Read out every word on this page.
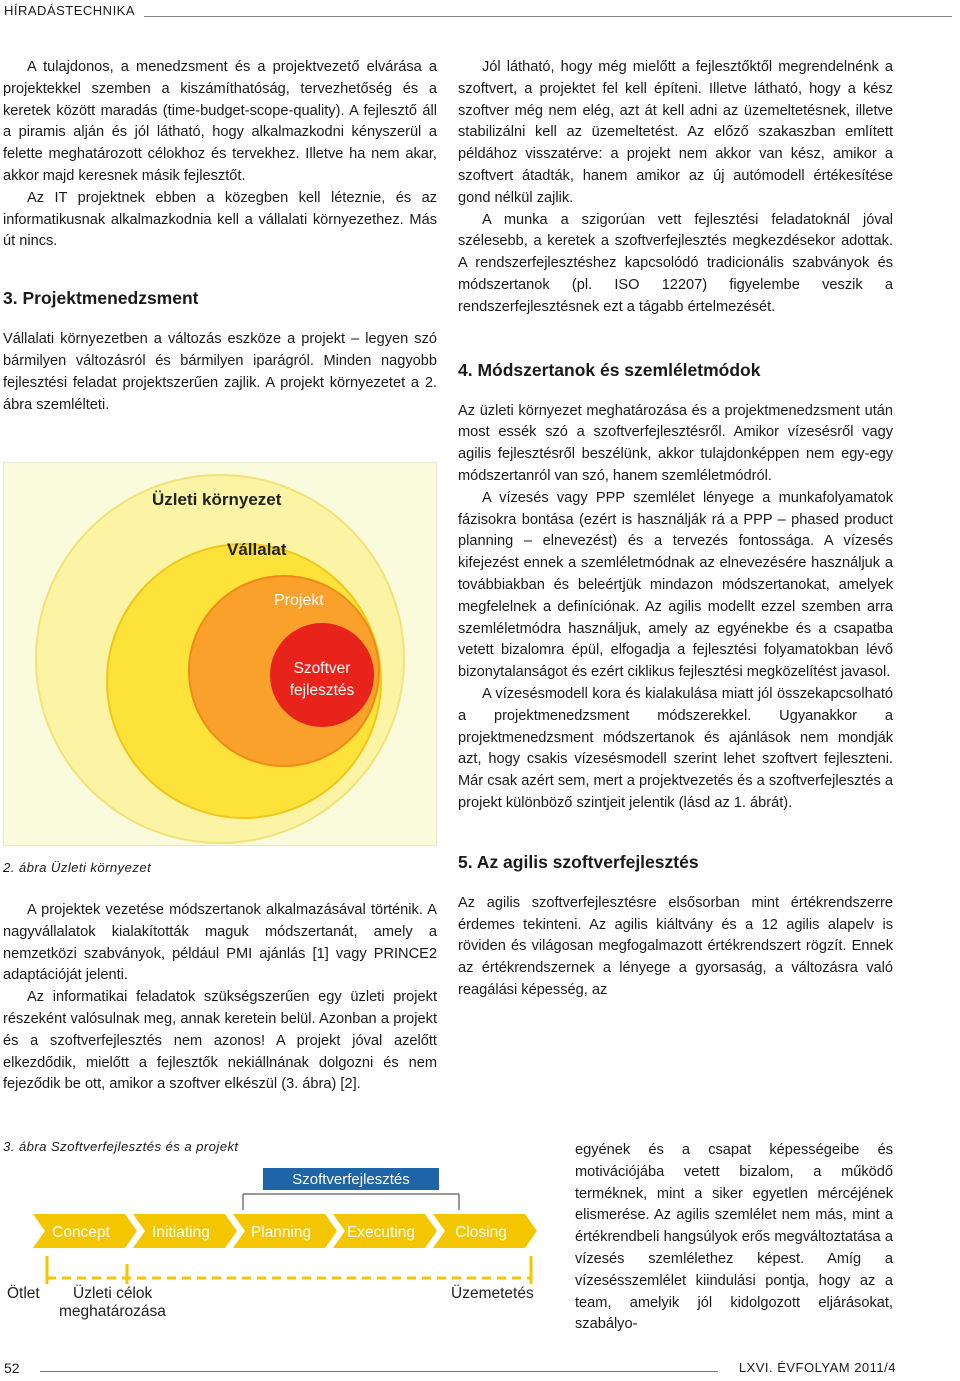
HÍRADÁSTECHNIKA

A tulajdonos, a menedzsment és a projektvezető elvárása a projektekkel szemben a kiszámíthatóság, tervezhetőség és a keretek között maradás (time-budget-scope-quality). A fejlesztő áll a piramis alján és jól látható, hogy alkalmazkodni kényszerül a felette meghatározott célokhoz és tervekhez. Illetve ha nem akar, akkor majd keresnek másik fejlesztőt.

Az IT projektnek ebben a közegben kell léteznie, és az informatikusnak alkalmazkodnia kell a vállalati környezethez. Más út nincs.

3. Projektmenedzsment

Vállalati környezetben a változás eszköze a projekt – legyen szó bármilyen változásról és bármilyen iparágról. Minden nagyobb fejlesztési feladat projektszerűen zajlik. A projekt környezetet a 2. ábra szemlélteti.

Üzleti környezet
Vállalat
Projekt
Szoftver
fejlesztés

2. ábra Üzleti környezet

A projektek vezetése módszertanok alkalmazásával történik. A nagyvállalatok kialakították maguk módszertanát, amely a nemzetközi szabványok, például PMI ajánlás [1] vagy PRINCE2 adaptációját jelenti.

Az informatikai feladatok szükségszerűen egy üzleti projekt részeként valósulnak meg, annak keretein belül. Azonban a projekt és a szoftverfejlesztés nem azonos! A projekt jóval azelőtt elkezdődik, mielőtt a fejlesztők nekiállnának dolgozni és nem fejeződik be ott, amikor a szoftver elkészül (3. ábra) [2].

3. ábra Szoftverfejlesztés és a projekt

Szoftverfejlesztés
Concept	Initiating	Planning Executing	Closing
Ötlet Üzleti célok
meghatározása
Üzemetetés

Jól látható, hogy még mielőtt a fejlesztőktől megrendelnénk a szoftvert, a projektet fel kell építeni. Illetve látható, hogy a kész szoftver még nem elég, azt át kell adni az üzemeltetésnek, illetve stabilizálni kell az üzemeltetést. Az előző szakaszban említett példához visszatérve: a projekt nem akkor van kész, amikor a szoftvert átadták, hanem amikor az új autómodell értékesítése gond nélkül zajlik.

A munka a szigorúan vett fejlesztési feladatoknál jóval szélesebb, a keretek a szoftverfejlesztés megkezdésekor adottak. A rendszerfejlesztéshez kapcsolódó tradicionális szabványok és módszertanok (pl. ISO 12207) figyelembe veszik a rendszerfejlesztésnek ezt a tágabb értelmezését.

4. Módszertanok és szemléletmódok

Az üzleti környezet meghatározása és a projektmenedzsment után most essék szó a szoftverfejlesztésről. Amikor vízesésről vagy agilis fejlesztésről beszélünk, akkor tulajdonképpen nem egy-egy módszertanról van szó, hanem szemléletmódról.

A vízesés vagy PPP szemlélet lényege a munkafolyamatok fázisokra bontása (ezért is használják rá a PPP – phased product planning – elnevezést) és a tervezés fontossága. A vízesés kifejezést ennek a szemléletmódnak az elnevezésére használjuk a továbbiakban és beleértjük mindazon módszertanokat, amelyek megfelelnek a definíciónak. Az agilis modellt ezzel szemben arra szemléletmódra használjuk, amely az egyénekbe és a csapatba vetett bizalomra épül, elfogadja a fejlesztési folyamatokban lévő bizonytalanságot és ezért ciklikus fejlesztési megközelítést javasol.

A vízesésmodell kora és kialakulása miatt jól összekapcsolható a projektmenedzsment módszerekkel. Ugyanakkor a projektmenedzsment módszertanok és ajánlások nem mondják azt, hogy csakis vízesésmodell szerint lehet szoftvert fejleszteni. Már csak azért sem, mert a projektvezetés és a szoftverfejlesztés a projekt különböző szintjeit jelentik (lásd az 1. ábrát).

5. Az agilis szoftverfejlesztés

Az agilis szoftverfejlesztésre elsősorban mint értékrendszerre érdemes tekinteni. Az agilis kiáltvány és a 12 agilis alapelv is röviden és világosan megfogalmazott értékrendszert rögzít. Ennek az értékrendszernek a lényege a gyorsaság, a változásra való reagálási képesség, az

egyének és a csapat képességeibe és motivációjába vetett bizalom, a működő terméknek, mint a siker egyetlen mércéjének elismerése. Az agilis szemlélet nem más, mint a értékrendbeli hangsúlyok erős megváltoztatása a vízesés szemlélethez képest. Amíg a vízesésszemlélet kiindulási pontja, hogy az a team, amelyik jól kidolgozott eljárásokat, szabályo-

52	LXVI. ÉVFOLYAM 2011/4
